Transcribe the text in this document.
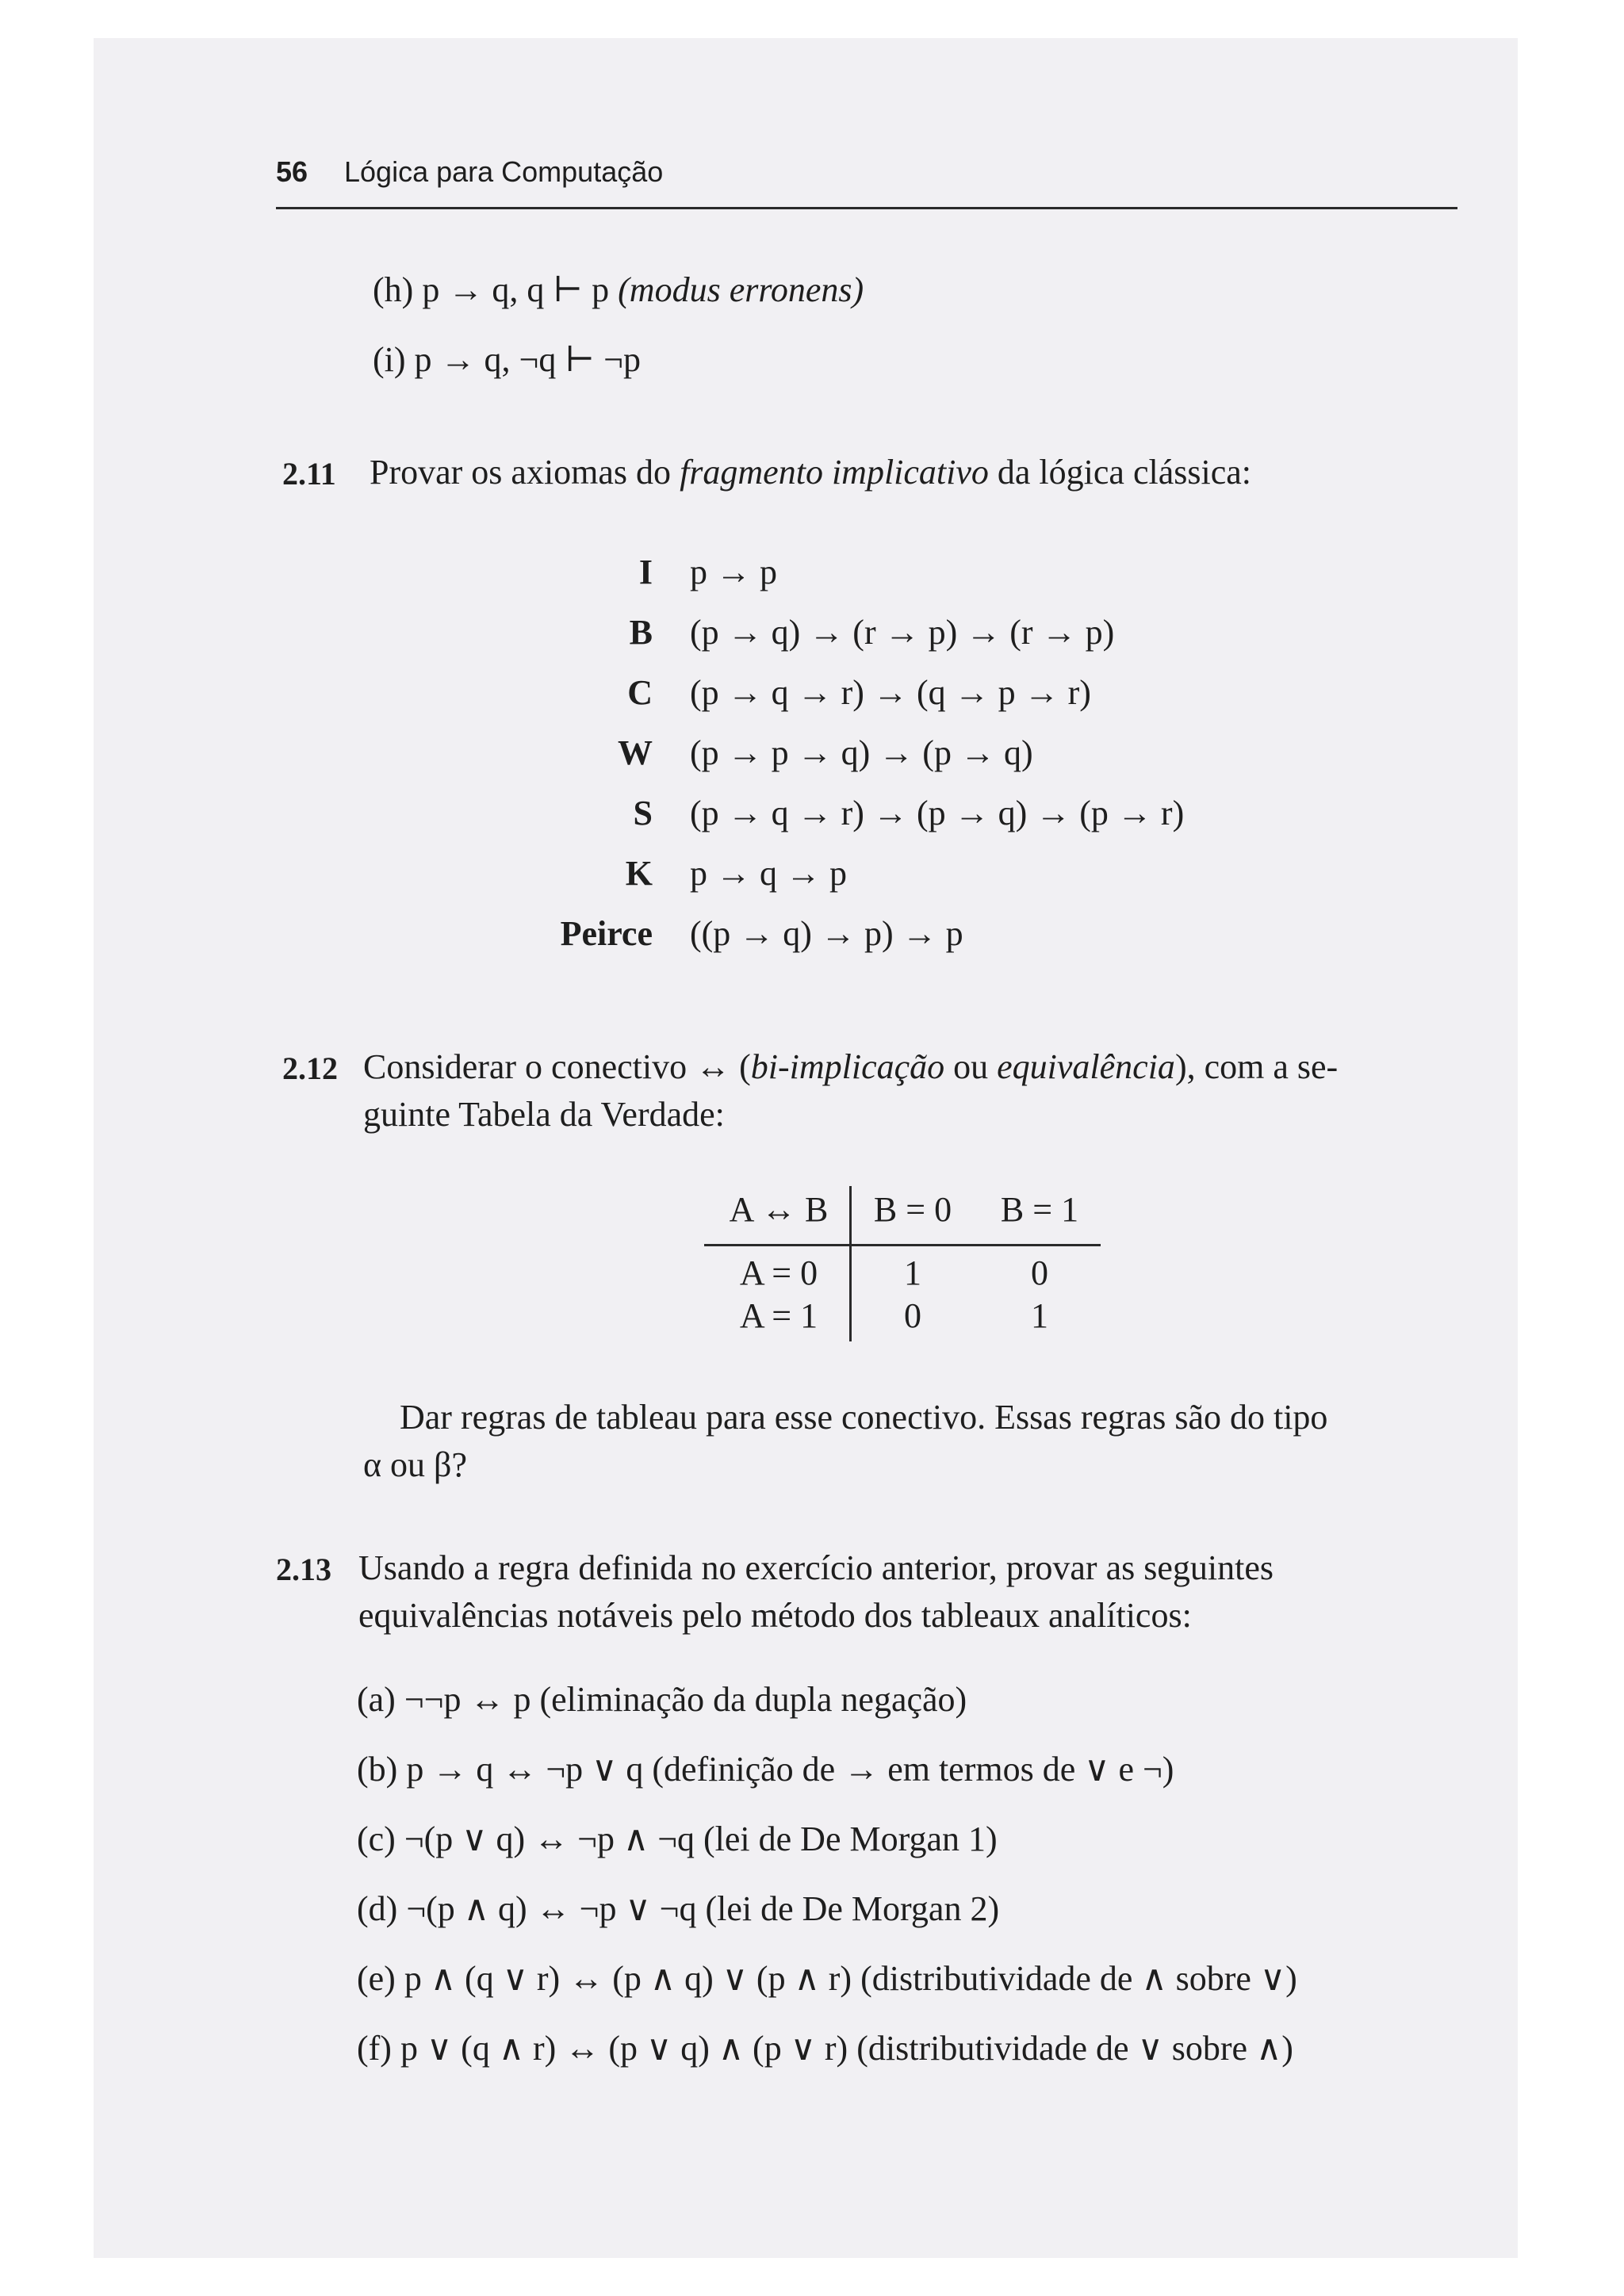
56 Lógica para Computação
(h) p → q, q ⊢ p (modus erronens)
(i) p → q, ¬q ⊢ ¬p
2.11 Provar os axiomas do fragmento implicativo da lógica clássica:
I p → p
B (p → q) → (r → p) → (r → p)
C (p → q → r) → (q → p → r)
W (p → p → q) → (p → q)
S (p → q → r) → (p → q) → (p → r)
K p → q → p
Peirce ((p → q) → p) → p
2.12 Considerar o conectivo ↔ (bi-implicação ou equivalência), com a se-
guinte Tabela da Verdade:
A ↔ B	B = 0	B = 1
A = 0	1	0
A = 1	0	1
Dar regras de tableau para esse conectivo. Essas regras são do tipo
α ou β?
2.13 Usando a regra definida no exercício anterior, provar as seguintes
equivalências notáveis pelo método dos tableaux analíticos:
(a) ¬¬p ↔ p (eliminação da dupla negação)
(b) p → q ↔ ¬p ∨ q (definição de → em termos de ∨ e ¬)
(c) ¬(p ∨ q) ↔ ¬p ∧ ¬q (lei de De Morgan 1)
(d) ¬(p ∧ q) ↔ ¬p ∨ ¬q (lei de De Morgan 2)
(e) p ∧ (q ∨ r) ↔ (p ∧ q) ∨ (p ∧ r) (distributividade de ∧ sobre ∨)
(f) p ∨ (q ∧ r) ↔ (p ∨ q) ∧ (p ∨ r) (distributividade de ∨ sobre ∧)
